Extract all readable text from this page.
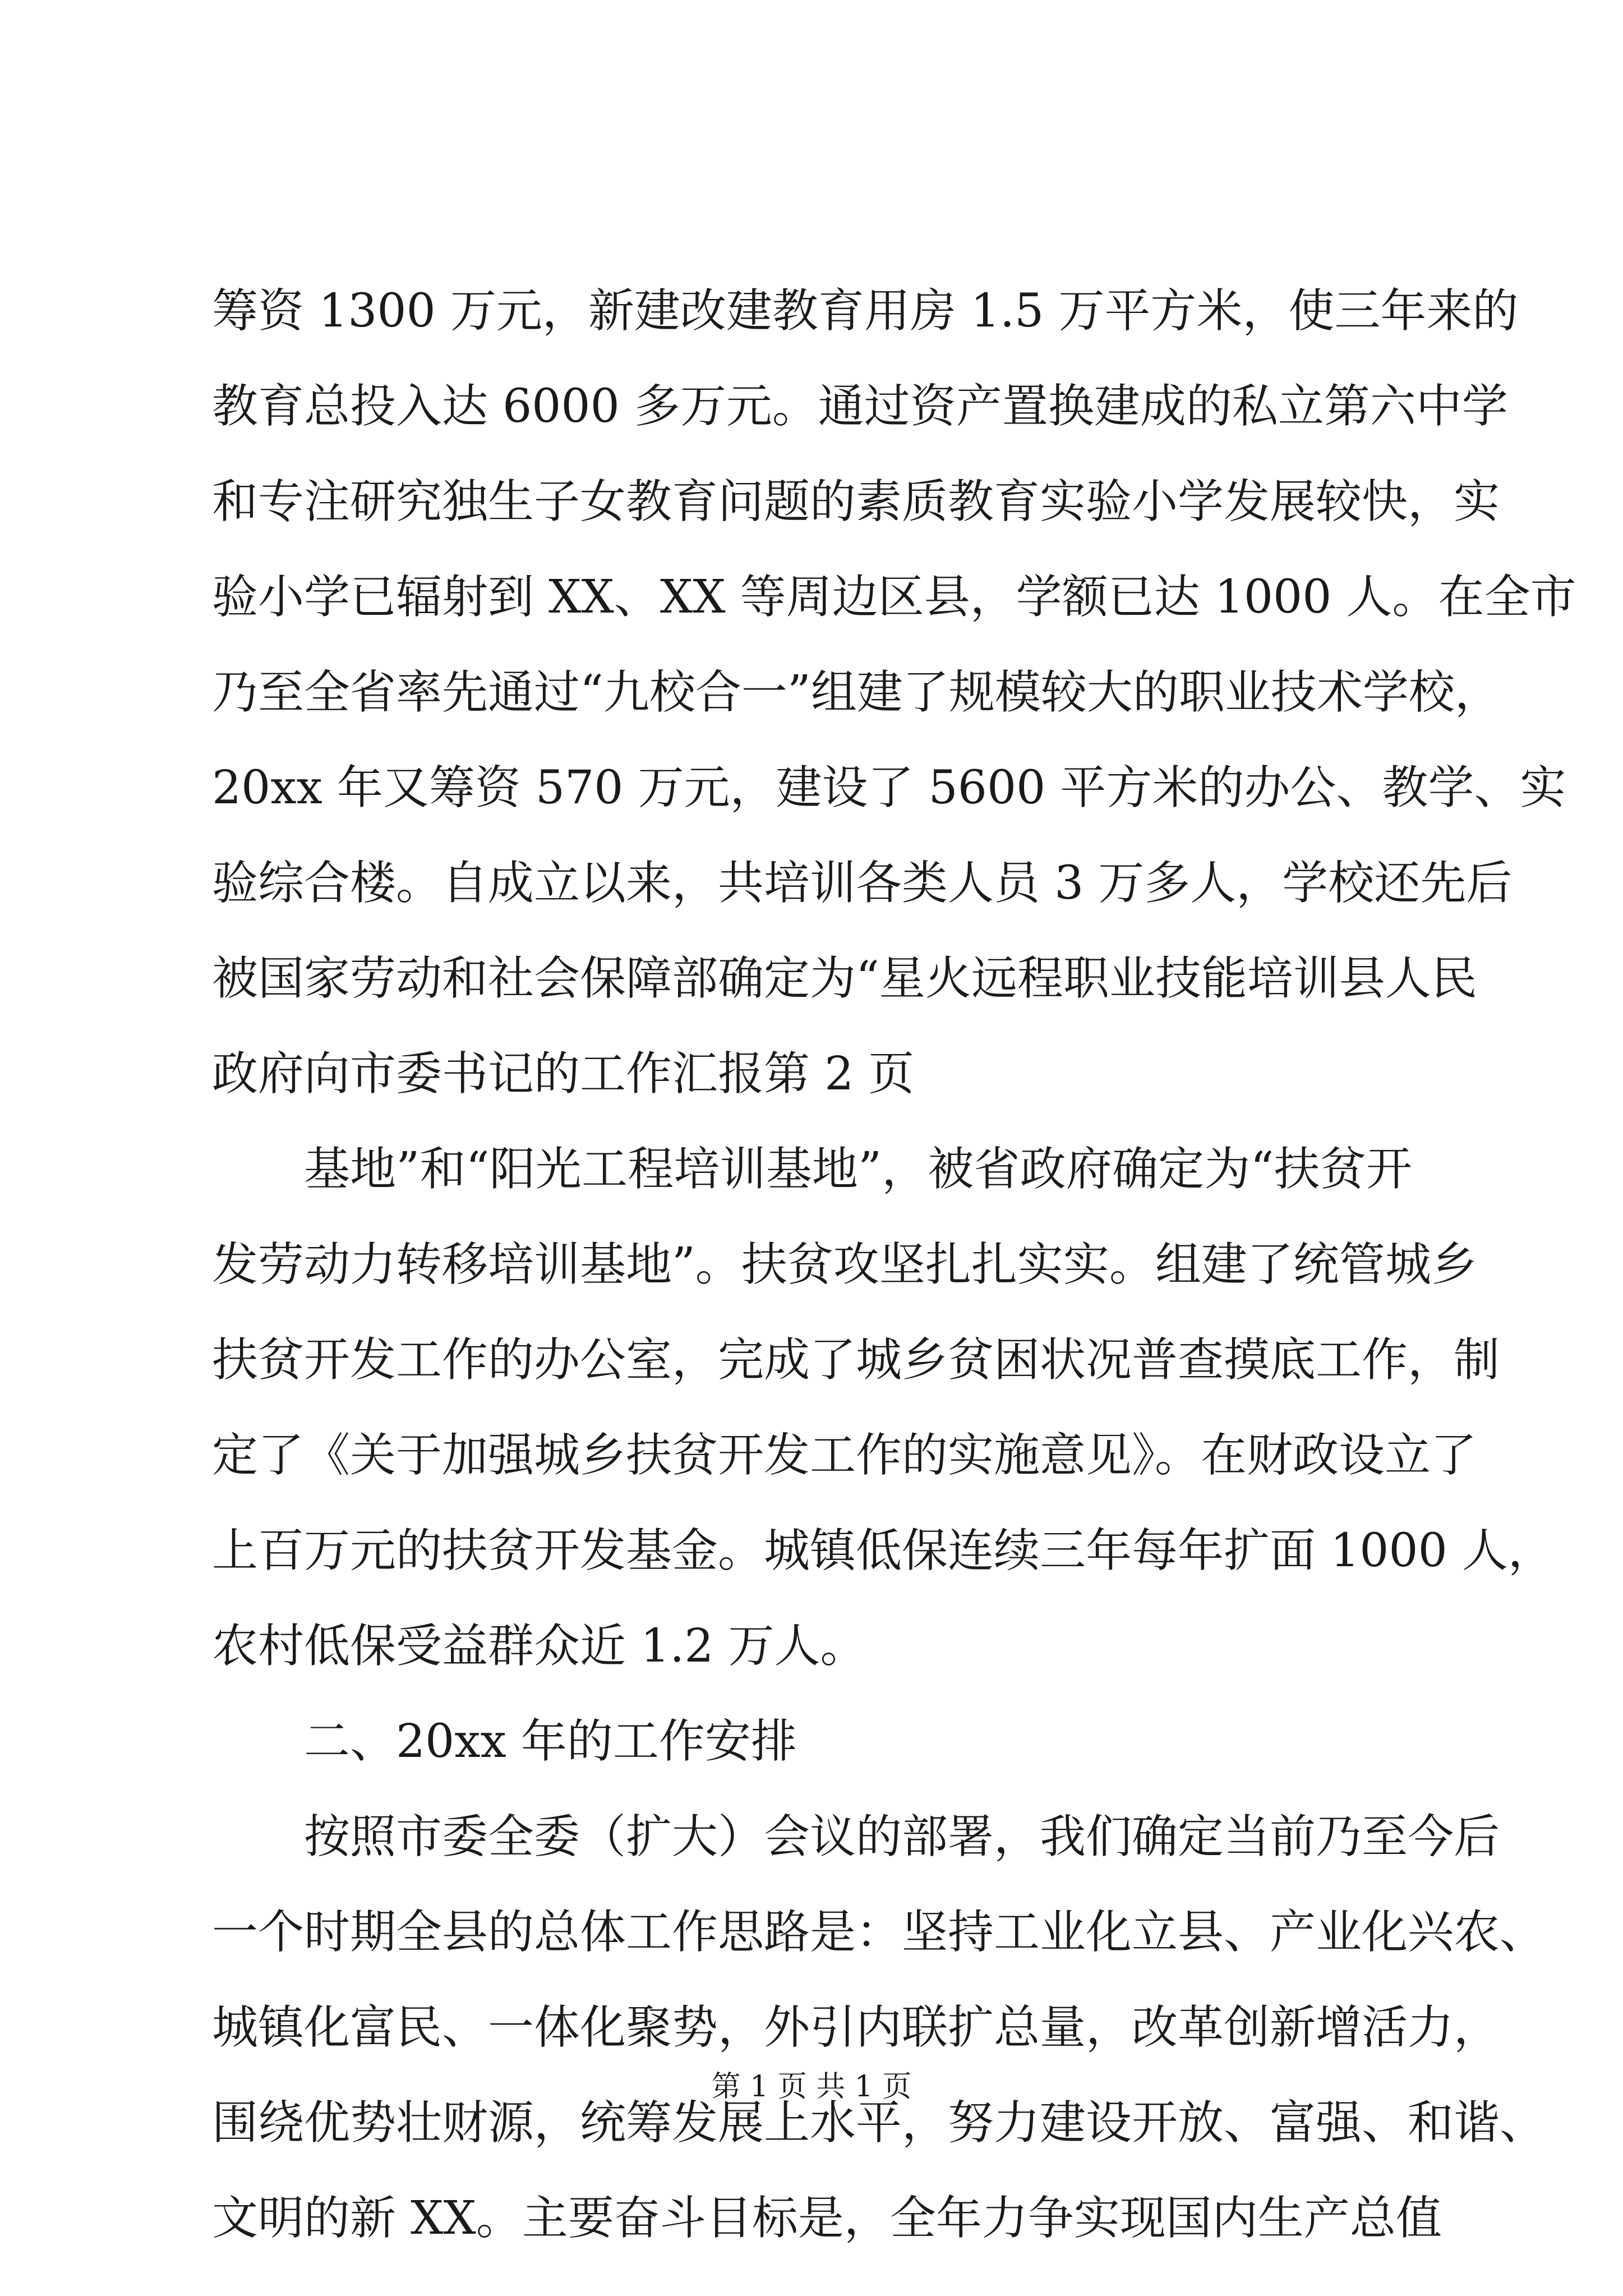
筹资 1300 万元，新建改建教育用房 1.5 万平方米，使三年来的
教育总投入达 6000 多万元。通过资产置换建成的私立第六中学
和专注研究独生子女教育问题的素质教育实验小学发展较快，实
验小学已辐射到 XX、XX 等周边区县，学额已达 1000 人。在全市
乃至全省率先通过“九校合一”组建了规模较大的职业技术学校，
20xx 年又筹资 570 万元，建设了 5600 平方米的办公、教学、实
验综合楼。自成立以来，共培训各类人员 3 万多人，学校还先后
被国家劳动和社会保障部确定为“星火远程职业技能培训县人民
政府向市委书记的工作汇报第 2 页
基地”和“阳光工程培训基地”，被省政府确定为“扶贫开
发劳动力转移培训基地”。扶贫攻坚扎扎实实。组建了统管城乡
扶贫开发工作的办公室，完成了城乡贫困状况普查摸底工作，制
定了《关于加强城乡扶贫开发工作的实施意见》。在财政设立了
上百万元的扶贫开发基金。城镇低保连续三年每年扩面 1000 人，
农村低保受益群众近 1.2 万人。
二、20xx 年的工作安排
按照市委全委（扩大）会议的部署，我们确定当前乃至今后
一个时期全县的总体工作思路是：坚持工业化立县、产业化兴农、
城镇化富民、一体化聚势，外引内联扩总量，改革创新增活力，
围绕优势壮财源，统筹发展上水平，努力建设开放、富强、和谐、
文明的新 XX。主要奋斗目标是，全年力争实现国内生产总值
第 1 页 共 1 页
